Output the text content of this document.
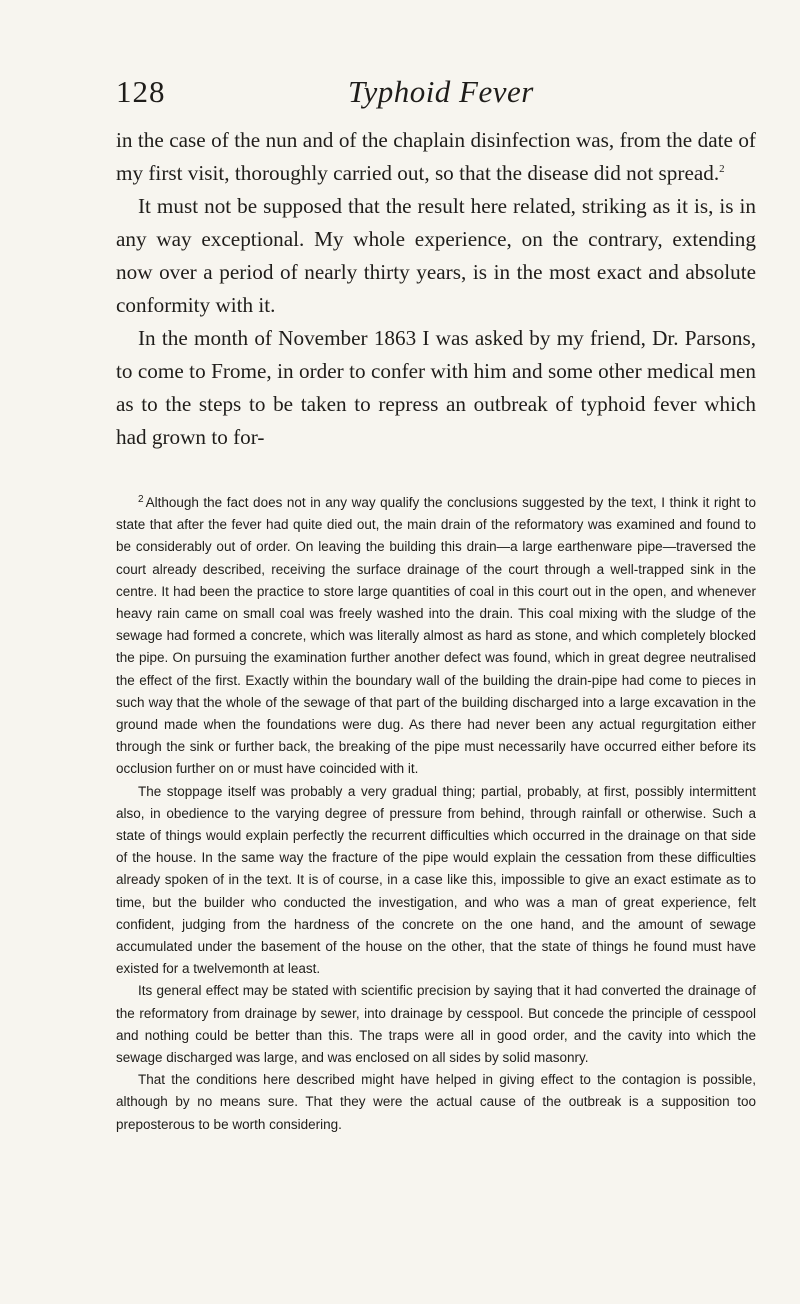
128	Typhoid Fever

in the case of the nun and of the chaplain disinfection was, from the date of my first visit, thoroughly carried out, so that the disease did not spread.$^2$

It must not be supposed that the result here related, striking as it is, is in any way exceptional. My whole experience, on the contrary, extending now over a period of nearly thirty years, is in the most exact and absolute conformity with it.

In the month of November 1863 I was asked by my friend, Dr. Parsons, to come to Frome, in order to confer with him and some other medical men as to the steps to be taken to repress an outbreak of typhoid fever which had grown to for-

$^2$ Although the fact does not in any way qualify the conclusions suggested by the text, I think it right to state that after the fever had quite died out, the main drain of the reformatory was examined and found to be considerably out of order. On leaving the building this drain—a large earthenware pipe—traversed the court already described, receiving the surface drainage of the court through a well-trapped sink in the centre. It had been the practice to store large quantities of coal in this court out in the open, and whenever heavy rain came on small coal was freely washed into the drain. This coal mixing with the sludge of the sewage had formed a concrete, which was literally almost as hard as stone, and which completely blocked the pipe. On pursuing the examination further another defect was found, which in great degree neutralised the effect of the first. Exactly within the boundary wall of the building the drain-pipe had come to pieces in such way that the whole of the sewage of that part of the building discharged into a large excavation in the ground made when the foundations were dug. As there had never been any actual regurgitation either through the sink or further back, the breaking of the pipe must necessarily have occurred either before its occlusion further on or must have coincided with it.

The stoppage itself was probably a very gradual thing; partial, probably, at first, possibly intermittent also, in obedience to the varying degree of pressure from behind, through rainfall or otherwise. Such a state of things would explain perfectly the recurrent difficulties which occurred in the drainage on that side of the house. In the same way the fracture of the pipe would explain the cessation from these difficulties already spoken of in the text. It is of course, in a case like this, impossible to give an exact estimate as to time, but the builder who conducted the investigation, and who was a man of great experience, felt confident, judging from the hardness of the concrete on the one hand, and the amount of sewage accumulated under the basement of the house on the other, that the state of things he found must have existed for a twelvemonth at least.

Its general effect may be stated with scientific precision by saying that it had converted the drainage of the reformatory from drainage by sewer, into drainage by cesspool. But concede the principle of cesspool and nothing could be better than this. The traps were all in good order, and the cavity into which the sewage discharged was large, and was enclosed on all sides by solid masonry.

That the conditions here described might have helped in giving effect to the contagion is possible, although by no means sure. That they were the actual cause of the outbreak is a supposition too preposterous to be worth considering.
